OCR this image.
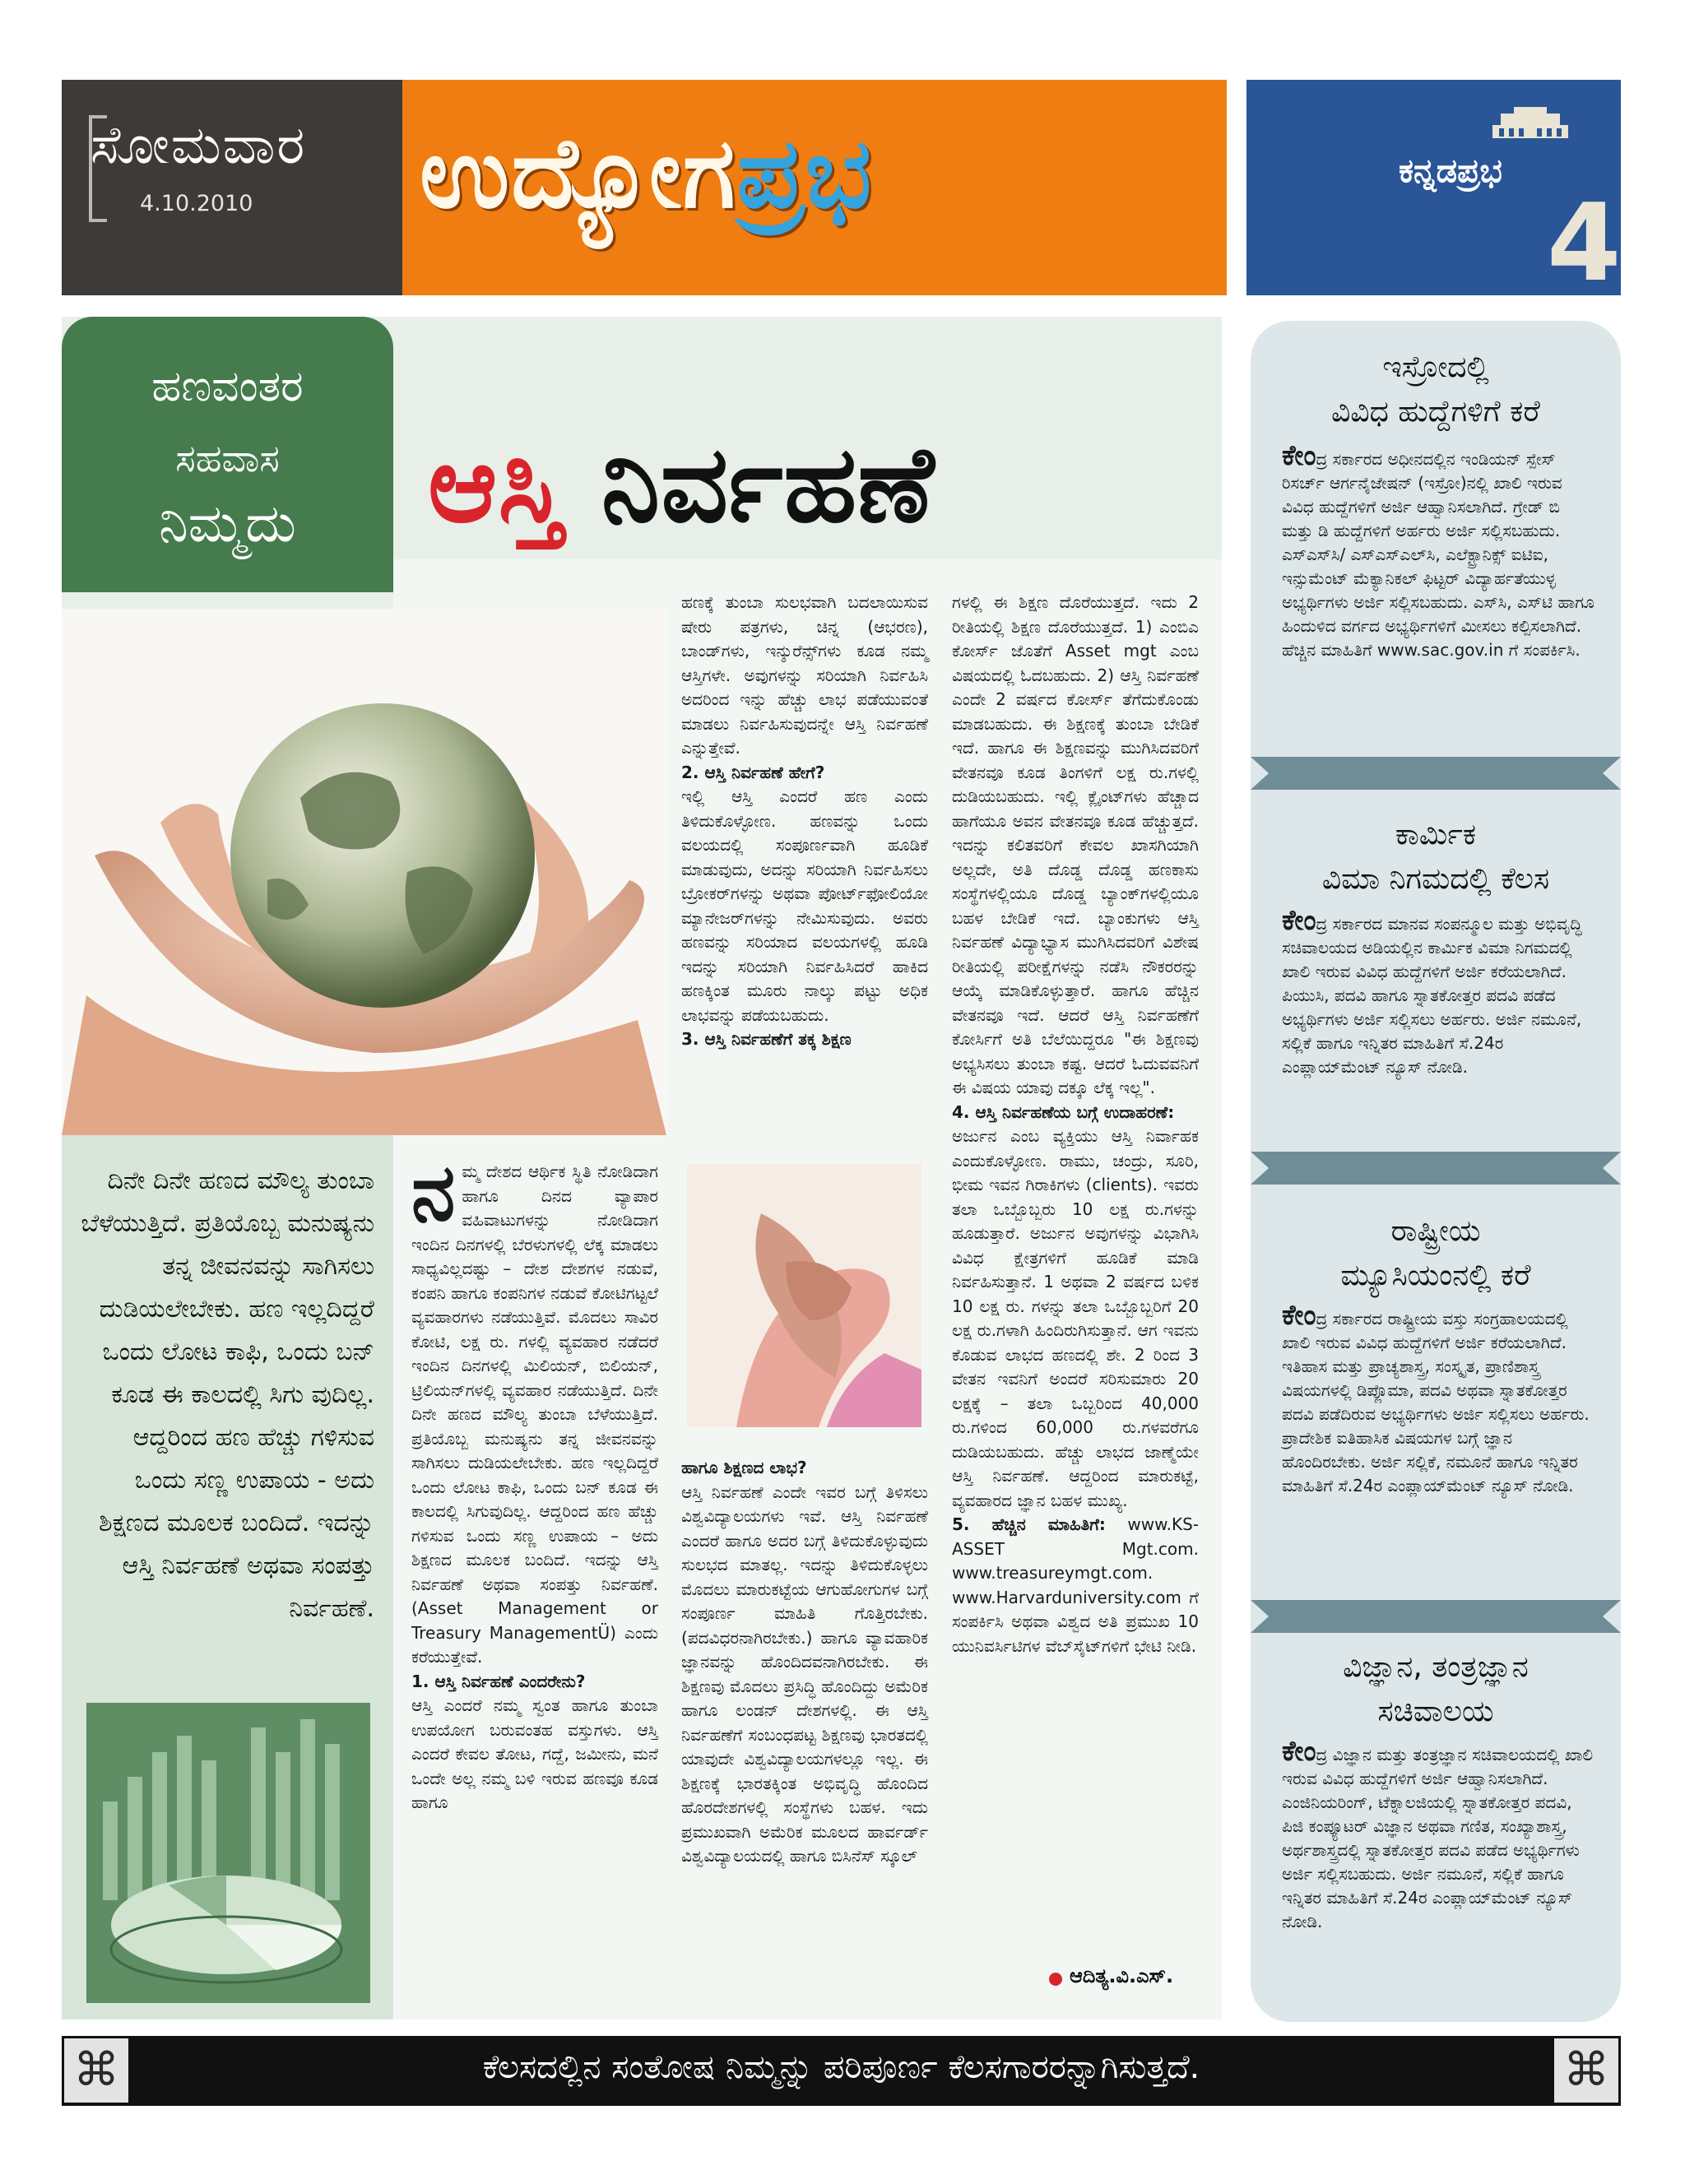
ಸೋಮವಾರ
4.10.2010 ಉದ್ಯೋಗಪ್ರಭ	ಕನ್ನಡಪ್ರಭ
4
ಹಣವಂತರ
ಸಹವಾಸ
ನಿಮ್ಮದು	ಆಸ್ತಿ ನಿರ್ವಹಣೆ
ದಿನೇ ದಿನೇ ಹಣದ ಮೌಲ್ಯ ತುಂಬಾ ಬೆಳೆಯುತ್ತಿದೆ. ಪ್ರತಿಯೊಬ್ಬ ಮನುಷ್ಯನು ತನ್ನ ಜೀವನವನ್ನು ಸಾಗಿಸಲು ದುಡಿಯಲೇಬೇಕು. ಹಣ ಇಲ್ಲದಿದ್ದರೆ ಒಂದು ಲೋಟ ಕಾಫಿ, ಒಂದು ಬನ್ ಕೂಡ ಈ ಕಾಲದಲ್ಲಿ ಸಿಗು ವುದಿಲ್ಲ. ಆದ್ದರಿಂದ ಹಣ ಹೆಚ್ಚು ಗಳಿಸುವ ಒಂದು ಸಣ್ಣ ಉಪಾಯ - ಅದು ಶಿಕ್ಷಣದ ಮೂಲಕ ಬಂದಿದೆ. ಇದನ್ನು ಆಸ್ತಿ ನಿರ್ವಹಣೆ ಅಥವಾ ಸಂಪತ್ತು ನಿರ್ವಹಣೆ.
ನಮ್ಮ ದೇಶದ ಆರ್ಥಿಕ ಸ್ಥಿತಿ ನೋಡಿದಾಗ ಹಾಗೂ ದಿನದ ವ್ಯಾಪಾರ ವಹಿವಾಟುಗಳನ್ನು ನೋಡಿದಾಗ ಇಂದಿನ ದಿನಗಳಲ್ಲಿ ಬೆರಳುಗಳಲ್ಲಿ ಲೆಕ್ಕ ಮಾಡಲು ಸಾಧ್ಯವಿಲ್ಲದಷ್ಟು – ದೇಶ ದೇಶಗಳ ನಡುವೆ, ಕಂಪನಿ ಹಾಗೂ ಕಂಪನಿಗಳ ನಡುವೆ ಕೋಟಿಗಟ್ಟಲೆ ವ್ಯವಹಾರಗಳು ನಡೆಯುತ್ತಿವೆ. ಮೊದಲು ಸಾವಿರ ಕೋಟಿ, ಲಕ್ಷ ರು. ಗಳಲ್ಲಿ ವ್ಯವಹಾರ ನಡೆದರೆ ಇಂದಿನ ದಿನಗಳಲ್ಲಿ ಮಿಲಿಯನ್, ಬಿಲಿಯನ್, ಟ್ರಿಲಿಯನ್‌ಗಳಲ್ಲಿ ವ್ಯವಹಾರ ನಡೆಯುತ್ತಿದೆ. ದಿನೇ ದಿನೇ ಹಣದ ಮೌಲ್ಯ ತುಂಬಾ ಬೆಳೆಯುತ್ತಿದೆ. ಪ್ರತಿಯೊಬ್ಬ ಮನುಷ್ಯನು ತನ್ನ ಜೀವನವನ್ನು ಸಾಗಿಸಲು ದುಡಿಯಲೇಬೇಕು. ಹಣ ಇಲ್ಲದಿದ್ದರೆ ಒಂದು ಲೋಟ ಕಾಫಿ, ಒಂದು ಬನ್ ಕೂಡ ಈ ಕಾಲದಲ್ಲಿ ಸಿಗುವುದಿಲ್ಲ. ಆದ್ದರಿಂದ ಹಣ ಹೆಚ್ಚು ಗಳಿಸುವ ಒಂದು ಸಣ್ಣ ಉಪಾಯ – ಅದು ಶಿಕ್ಷಣದ ಮೂಲಕ ಬಂದಿದೆ. ಇದನ್ನು ಆಸ್ತಿ ನಿರ್ವಹಣೆ ಅಥವಾ ಸಂಪತ್ತು ನಿರ್ವಹಣೆ. (Asset Management or Treasury ManagementÜ) ಎಂದು ಕರೆಯುತ್ತೇವೆ.
1. ಆಸ್ತಿ ನಿರ್ವಹಣೆ ಎಂದರೇನು?
ಆಸ್ತಿ ಎಂದರೆ ನಮ್ಮ ಸ್ವಂತ ಹಾಗೂ ತುಂಬಾ ಉಪಯೋಗ ಬರುವಂತಹ ವಸ್ತುಗಳು. ಆಸ್ತಿ ಎಂದರೆ ಕೇವಲ ತೋಟ, ಗದ್ದೆ, ಜಮೀನು, ಮನೆ ಒಂದೇ ಅಲ್ಲ ನಮ್ಮ ಬಳಿ ಇರುವ ಹಣವೂ ಕೂಡ ಹಾಗೂ
ಹಣಕ್ಕೆ ತುಂಬಾ ಸುಲಭವಾಗಿ ಬದಲಾಯಿಸುವ ಷೇರು ಪತ್ರಗಳು, ಚಿನ್ನ (ಆಭರಣ), ಬಾಂಡ್‌ಗಳು, ಇನ್ಶುರೆನ್ಸ್‌ಗಳು ಕೂಡ ನಮ್ಮ ಆಸ್ತಿಗಳೇ. ಅವುಗಳನ್ನು ಸರಿಯಾಗಿ ನಿರ್ವಹಿಸಿ ಅದರಿಂದ ಇನ್ನು ಹೆಚ್ಚು ಲಾಭ ಪಡೆಯುವಂತೆ ಮಾಡಲು ನಿರ್ವಹಿಸುವುದನ್ನೇ ಆಸ್ತಿ ನಿರ್ವಹಣೆ ಎನ್ನುತ್ತೇವೆ.
2. ಆಸ್ತಿ ನಿರ್ವಹಣೆ ಹೇಗೆ?
ಇಲ್ಲಿ ಆಸ್ತಿ ಎಂದರೆ ಹಣ ಎಂದು ತಿಳಿದುಕೊಳ್ಳೋಣ. ಹಣವನ್ನು ಒಂದು ವಲಯದಲ್ಲಿ ಸಂಪೂರ್ಣವಾಗಿ ಹೂಡಿಕೆ ಮಾಡುವುದು, ಅದನ್ನು ಸರಿಯಾಗಿ ನಿರ್ವಹಿಸಲು ಬ್ರೋಕರ್‌ಗಳನ್ನು ಅಥವಾ ಪೋರ್ಟ್‌ಫೋಲಿಯೋ ಮ್ಯಾನೇಜರ್‌ಗಳನ್ನು ನೇಮಿಸುವುದು. ಅವರು ಹಣವನ್ನು ಸರಿಯಾದ ವಲಯಗಳಲ್ಲಿ ಹೂಡಿ ಇದನ್ನು ಸರಿಯಾಗಿ ನಿರ್ವಹಿಸಿದರೆ ಹಾಕಿದ ಹಣಕ್ಕಿಂತ ಮೂರು ನಾಲ್ಕು ಪಟ್ಟು ಅಧಿಕ ಲಾಭವನ್ನು ಪಡೆಯಬಹುದು.
3. ಆಸ್ತಿ ನಿರ್ವಹಣೆಗೆ ತಕ್ಕ ಶಿಕ್ಷಣ
ಹಾಗೂ ಶಿಕ್ಷಣದ ಲಾಭ?
ಆಸ್ತಿ ನಿರ್ವಹಣೆ ಎಂದೇ ಇವರ ಬಗ್ಗೆ ತಿಳಿಸಲು ವಿಶ್ವವಿದ್ಯಾಲಯಗಳು ಇವೆ. ಆಸ್ತಿ ನಿರ್ವಹಣೆ ಎಂದರೆ ಹಾಗೂ ಅದರ ಬಗ್ಗೆ ತಿಳಿದುಕೊಳ್ಳುವುದು ಸುಲಭದ ಮಾತಲ್ಲ. ಇದನ್ನು ತಿಳಿದುಕೊಳ್ಳಲು ಮೊದಲು ಮಾರುಕಟ್ಟೆಯ ಆಗುಹೋಗುಗಳ ಬಗ್ಗೆ ಸಂಪೂರ್ಣ ಮಾಹಿತಿ ಗೊತ್ತಿರಬೇಕು. (ಪದವಿಧರನಾಗಿರಬೇಕು.) ಹಾಗೂ ವ್ಯಾವಹಾರಿಕ ಜ್ಞಾನವನ್ನು ಹೊಂದಿದವನಾಗಿರಬೇಕು. ಈ ಶಿಕ್ಷಣವು ಮೊದಲು ಪ್ರಸಿದ್ಧಿ ಹೊಂದಿದ್ದು ಅಮೆರಿಕ ಹಾಗೂ ಲಂಡನ್ ದೇಶಗಳಲ್ಲಿ. ಈ ಆಸ್ತಿ ನಿರ್ವಹಣೆಗೆ ಸಂಬಂಧಪಟ್ಟ ಶಿಕ್ಷಣವು ಭಾರತದಲ್ಲಿ ಯಾವುದೇ ವಿಶ್ವವಿದ್ಯಾಲಯಗಳಲ್ಲೂ ಇಲ್ಲ. ಈ ಶಿಕ್ಷಣಕ್ಕೆ ಭಾರತಕ್ಕಿಂತ ಅಭಿವೃದ್ಧಿ ಹೊಂದಿದ ಹೊರದೇಶಗಳಲ್ಲಿ ಸಂಸ್ಥೆಗಳು ಬಹಳ. ಇದು ಪ್ರಮುಖವಾಗಿ ಅಮೆರಿಕ ಮೂಲದ ಹಾರ್ವರ್ಡ್ ವಿಶ್ವವಿದ್ಯಾಲಯದಲ್ಲಿ ಹಾಗೂ ಬಿಸಿನೆಸ್ ಸ್ಕೂಲ್
ಗಳಲ್ಲಿ ಈ ಶಿಕ್ಷಣ ದೊರೆಯುತ್ತದೆ. ಇದು 2 ರೀತಿಯಲ್ಲಿ ಶಿಕ್ಷಣ ದೊರೆಯುತ್ತದೆ. 1) ಎಂಬಿಎ ಕೋರ್ಸ್ ಜೊತೆಗೆ Asset mgt ಎಂಬ ವಿಷಯದಲ್ಲಿ ಓದಬಹುದು. 2) ಆಸ್ತಿ ನಿರ್ವಹಣೆ ಎಂದೇ 2 ವರ್ಷದ ಕೋರ್ಸ್ ತೆಗೆದುಕೊಂಡು ಮಾಡಬಹುದು. ಈ ಶಿಕ್ಷಣಕ್ಕೆ ತುಂಬಾ ಬೇಡಿಕೆ ಇದೆ. ಹಾಗೂ ಈ ಶಿಕ್ಷಣವನ್ನು ಮುಗಿಸಿದವರಿಗೆ ವೇತನವೂ ಕೂಡ ತಿಂಗಳಿಗೆ ಲಕ್ಷ ರು.ಗಳಲ್ಲಿ ದುಡಿಯಬಹುದು. ಇಲ್ಲಿ ಕ್ಲೈಂಟ್‌ಗಳು ಹೆಚ್ಚಾದ ಹಾಗೆಯೂ ಅವನ ವೇತನವೂ ಕೂಡ ಹೆಚ್ಚುತ್ತದೆ. ಇದನ್ನು ಕಲಿತವರಿಗೆ ಕೇವಲ ಖಾಸಗಿಯಾಗಿ ಅಲ್ಲದೇ, ಅತಿ ದೊಡ್ಡ ದೊಡ್ಡ ಹಣಕಾಸು ಸಂಸ್ಥೆಗಳಲ್ಲಿಯೂ ದೊಡ್ಡ ಬ್ಯಾಂಕ್‌ಗಳಲ್ಲಿಯೂ ಬಹಳ ಬೇಡಿಕೆ ಇದೆ. ಬ್ಯಾಂಕುಗಳು ಆಸ್ತಿ ನಿರ್ವಹಣೆ ವಿದ್ಯಾಭ್ಯಾಸ ಮುಗಿಸಿದವರಿಗೆ ವಿಶೇಷ ರೀತಿಯಲ್ಲಿ ಪರೀಕ್ಷೆಗಳನ್ನು ನಡೆಸಿ ನೌಕರರನ್ನು ಆಯ್ಕೆ ಮಾಡಿಕೊಳ್ಳುತ್ತಾರೆ. ಹಾಗೂ ಹೆಚ್ಚಿನ ವೇತನವೂ ಇದೆ. ಆದರೆ ಆಸ್ತಿ ನಿರ್ವಹಣೆಗೆ ಕೋರ್ಸಿಗೆ ಅತಿ ಬೆಲೆಯಿದ್ದರೂ "ಈ ಶಿಕ್ಷಣವು ಅಭ್ಯಸಿಸಲು ತುಂಬಾ ಕಷ್ಟ. ಆದರೆ ಓದುವವನಿಗೆ ಈ ವಿಷಯ ಯಾವು ದಕ್ಕೂ ಲೆಕ್ಕ ಇಲ್ಲ".
4. ಆಸ್ತಿ ನಿರ್ವಹಣೆಯ ಬಗ್ಗೆ ಉದಾಹರಣೆ:
ಅರ್ಜುನ ಎಂಬ ವ್ಯಕ್ತಿಯು ಆಸ್ತಿ ನಿರ್ವಾಹಕ ಎಂದುಕೊಳ್ಳೋಣ. ರಾಮು, ಚಂದ್ರು, ಸೂರಿ, ಭೀಮ ಇವನ ಗಿರಾಕಿಗಳು (clients). ಇವರು ತಲಾ ಒಬ್ಬೊಬ್ಬರು 10 ಲಕ್ಷ ರು.ಗಳನ್ನು ಹೂಡುತ್ತಾರೆ. ಅರ್ಜುನ ಅವುಗಳನ್ನು ವಿಭಾಗಿಸಿ ವಿವಿಧ ಕ್ಷೇತ್ರಗಳಿಗೆ ಹೂಡಿಕೆ ಮಾಡಿ ನಿರ್ವಹಿಸುತ್ತಾನೆ. 1 ಅಥವಾ 2 ವರ್ಷದ ಬಳಿಕ 10 ಲಕ್ಷ ರು. ಗಳನ್ನು ತಲಾ ಒಬ್ಬೊಬ್ಬರಿಗೆ 20 ಲಕ್ಷ ರು.ಗಳಾಗಿ ಹಿಂದಿರುಗಿಸುತ್ತಾನೆ. ಆಗ ಇವನು ಕೊಡುವ ಲಾಭದ ಹಣದಲ್ಲಿ ಶೇ. 2 ರಿಂದ 3 ವೇತನ ಇವನಿಗೆ ಅಂದರೆ ಸರಿಸುಮಾರು 20 ಲಕ್ಷಕ್ಕೆ – ತಲಾ ಒಬ್ಬರಿಂದ 40,000 ರು.ಗಳಿಂದ 60,000 ರು.ಗಳವರೆಗೂ ದುಡಿಯಬಹುದು. ಹೆಚ್ಚು ಲಾಭದ ಜಾಣ್ಮೆಯೇ ಆಸ್ತಿ ನಿರ್ವಹಣೆ. ಆದ್ದರಿಂದ ಮಾರುಕಟ್ಟೆ, ವ್ಯವಹಾರದ ಜ್ಞಾನ ಬಹಳ ಮುಖ್ಯ.
5. ಹೆಚ್ಚಿನ ಮಾಹಿತಿಗೆ: www.KS-ASSET Mgt.com. www.treasureymgt.com. www.Harvarduniversity.com ಗೆ ಸಂಪರ್ಕಿಸಿ ಅಥವಾ ವಿಶ್ವದ ಅತಿ ಪ್ರಮುಖ 10 ಯುನಿವರ್ಸಿಟಿಗಳ ವೆಬ್‌ಸೈಟ್‌ಗಳಿಗೆ ಭೇಟಿ ನೀಡಿ.
ಆದಿತ್ಯ.ವಿ.ಎಸ್.
ಇಸ್ರೋದಲ್ಲಿ
ವಿವಿಧ ಹುದ್ದೆಗಳಿಗೆ ಕರೆ
ಕೇಂದ್ರ ಸರ್ಕಾರದ ಅಧೀನದಲ್ಲಿನ ಇಂಡಿಯನ್ ಸ್ಪೇಸ್ ರಿಸರ್ಚ್ ಆರ್ಗನೈಜೇಷನ್ (ಇಸ್ರೋ)ನಲ್ಲಿ ಖಾಲಿ ಇರುವ ವಿವಿಧ ಹುದ್ದೆಗಳಿಗೆ ಅರ್ಜಿ ಆಹ್ವಾನಿಸಲಾಗಿದೆ. ಗ್ರೇಡ್ ಬಿ ಮತ್ತು ಡಿ ಹುದ್ದೆಗಳಿಗೆ ಅರ್ಹರು ಅರ್ಜಿ ಸಲ್ಲಿಸಬಹುದು. ಎಸ್‌ಎಸ್‌ಸಿ/ ಎಸ್‌ಎಸ್‌ಎಲ್‌ಸಿ, ಎಲೆಕ್ಟ್ರಾನಿಕ್ಸ್ ಐಟಿಐ, ಇನ್ಸುಮೆಂಟ್ ಮೆಕ್ಯಾನಿಕಲ್ ಫಿಟ್ಟರ್ ವಿದ್ಯಾರ್ಹತೆಯುಳ್ಳ ಅಭ್ಯರ್ಥಿಗಳು ಅರ್ಜಿ ಸಲ್ಲಿಸಬಹುದು. ಎಸ್‌ಸಿ, ಎಸ್‌ಟಿ ಹಾಗೂ ಹಿಂದುಳಿದ ವರ್ಗದ ಅಭ್ಯರ್ಥಿಗಳಿಗೆ ಮೀಸಲು ಕಲ್ಪಿಸಲಾಗಿದೆ. ಹೆಚ್ಚಿನ ಮಾಹಿತಿಗೆ www.sac.gov.in ಗೆ ಸಂಪರ್ಕಿಸಿ.
ಕಾರ್ಮಿಕ
ವಿಮಾ ನಿಗಮದಲ್ಲಿ ಕೆಲಸ
ಕೇಂದ್ರ ಸರ್ಕಾರದ ಮಾನವ ಸಂಪನ್ಮೂಲ ಮತ್ತು ಅಭಿವೃದ್ಧಿ ಸಚಿವಾಲಯದ ಅಡಿಯಲ್ಲಿನ ಕಾರ್ಮಿಕ ವಿಮಾ ನಿಗಮದಲ್ಲಿ ಖಾಲಿ ಇರುವ ವಿವಿಧ ಹುದ್ದೆಗಳಿಗೆ ಅರ್ಜಿ ಕರೆಯಲಾಗಿದೆ. ಪಿಯುಸಿ, ಪದವಿ ಹಾಗೂ ಸ್ನಾತಕೋತ್ತರ ಪದವಿ ಪಡೆದ ಅಭ್ಯರ್ಥಿಗಳು ಅರ್ಜಿ ಸಲ್ಲಿಸಲು ಅರ್ಹರು. ಅರ್ಜಿ ನಮೂನೆ, ಸಲ್ಲಿಕೆ ಹಾಗೂ ಇನ್ನಿತರ ಮಾಹಿತಿಗೆ ಸೆ.24ರ ಎಂಪ್ಲಾಯ್‌ಮೆಂಟ್ ನ್ಯೂಸ್ ನೋಡಿ.
ರಾಷ್ಟ್ರೀಯ
ಮ್ಯೂಸಿಯಂನಲ್ಲಿ ಕರೆ
ಕೇಂದ್ರ ಸರ್ಕಾರದ ರಾಷ್ಟ್ರೀಯ ವಸ್ತು ಸಂಗ್ರಹಾಲಯದಲ್ಲಿ ಖಾಲಿ ಇರುವ ವಿವಿಧ ಹುದ್ದೆಗಳಿಗೆ ಅರ್ಜಿ ಕರೆಯಲಾಗಿದೆ. ಇತಿಹಾಸ ಮತ್ತು ಪ್ರಾಚ್ಯಶಾಸ್ತ್ರ, ಸಂಸ್ಕೃತ, ಪ್ರಾಣಿಶಾಸ್ತ್ರ ವಿಷಯಗಳಲ್ಲಿ ಡಿಪ್ಲೊಮಾ, ಪದವಿ ಅಥವಾ ಸ್ನಾತಕೋತ್ತರ ಪದವಿ ಪಡೆದಿರುವ ಅಭ್ಯರ್ಥಿಗಳು ಅರ್ಜಿ ಸಲ್ಲಿಸಲು ಅರ್ಹರು. ಪ್ರಾದೇಶಿಕ ಐತಿಹಾಸಿಕ ವಿಷಯಗಳ ಬಗ್ಗೆ ಜ್ಞಾನ ಹೊಂದಿರಬೇಕು. ಅರ್ಜಿ ಸಲ್ಲಿಕೆ, ನಮೂನೆ ಹಾಗೂ ಇನ್ನಿತರ ಮಾಹಿತಿಗೆ ಸೆ.24ರ ಎಂಪ್ಲಾಯ್‌ಮೆಂಟ್ ನ್ಯೂಸ್ ನೋಡಿ.
ವಿಜ್ಞಾನ, ತಂತ್ರಜ್ಞಾನ
ಸಚಿವಾಲಯ
ಕೇಂದ್ರ ವಿಜ್ಞಾನ ಮತ್ತು ತಂತ್ರಜ್ಞಾನ ಸಚಿವಾಲಯದಲ್ಲಿ ಖಾಲಿ ಇರುವ ವಿವಿಧ ಹುದ್ದೆಗಳಿಗೆ ಅರ್ಜಿ ಆಹ್ವಾನಿಸಲಾಗಿದೆ. ಎಂಜಿನಿಯರಿಂಗ್, ಟೆಕ್ನಾಲಜಿಯಲ್ಲಿ ಸ್ನಾತಕೋತ್ತರ ಪದವಿ, ಪಿಜಿ ಕಂಪ್ಯೂಟರ್ ವಿಜ್ಞಾನ ಅಥವಾ ಗಣಿತ, ಸಂಖ್ಯಾಶಾಸ್ತ್ರ, ಅರ್ಥಶಾಸ್ತ್ರದಲ್ಲಿ ಸ್ನಾತಕೋತ್ತರ ಪದವಿ ಪಡೆದ ಅಭ್ಯರ್ಥಿಗಳು ಅರ್ಜಿ ಸಲ್ಲಿಸಬಹುದು. ಅರ್ಜಿ ನಮೂನೆ, ಸಲ್ಲಿಕೆ ಹಾಗೂ ಇನ್ನಿತರ ಮಾಹಿತಿಗೆ ಸೆ.24ರ ಎಂಪ್ಲಾಯ್‌ಮೆಂಟ್ ನ್ಯೂಸ್ ನೋಡಿ.
⌘	ಕೆಲಸದಲ್ಲಿನ ಸಂತೋಷ ನಿಮ್ಮನ್ನು ಪರಿಪೂರ್ಣ ಕೆಲಸಗಾರರನ್ನಾಗಿಸುತ್ತದೆ.	⌘
